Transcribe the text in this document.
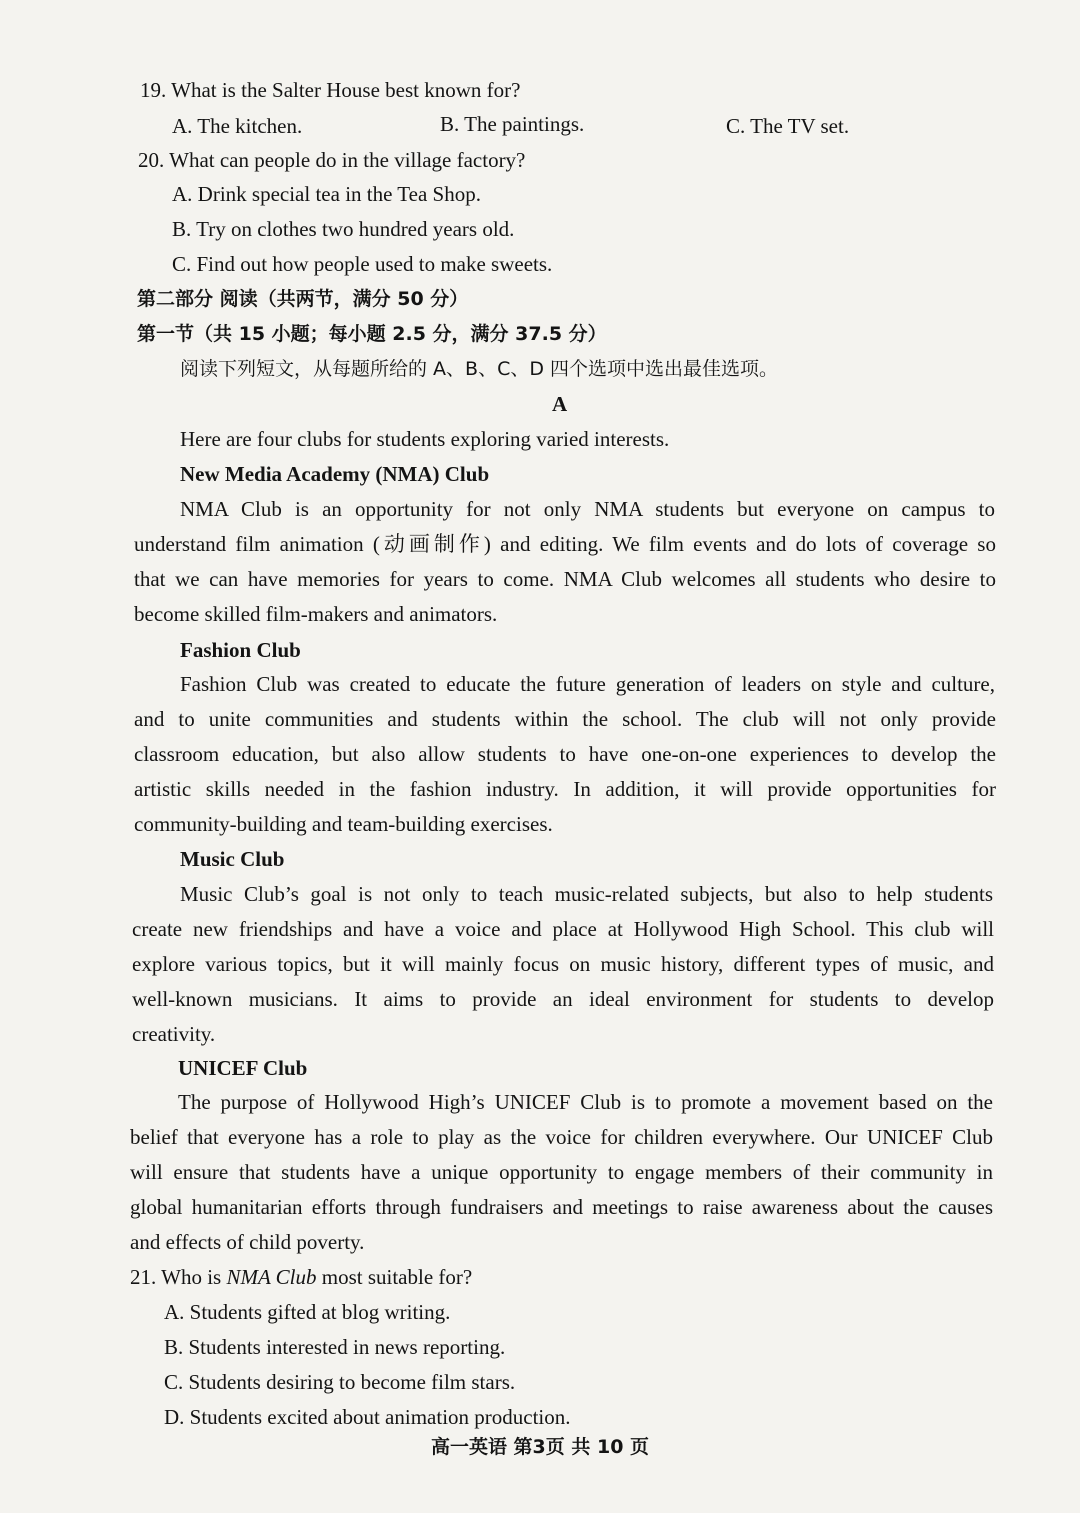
19. What is the Salter House best known for?
A. The kitchen.	B. The paintings.	C. The TV set.
20. What can people do in the village factory?
A. Drink special tea in the Tea Shop.
B. Try on clothes two hundred years old.
C. Find out how people used to make sweets.
第二部分 阅读（共两节，满分 50 分）
第一节（共 15 小题；每小题 2.5 分，满分 37.5 分）
阅读下列短文，从每题所给的 A、B、C、D 四个选项中选出最佳选项。
A
Here are four clubs for students exploring varied interests.
New Media Academy (NMA) Club
NMA Club is an opportunity for not only NMA students but everyone on campus to
understand film animation (动画制作) and editing. We film events and do lots of coverage so
that we can have memories for years to come. NMA Club welcomes all students who desire to
become skilled film-makers and animators.
Fashion Club
Fashion Club was created to educate the future generation of leaders on style and culture,
and to unite communities and students within the school. The club will not only provide
classroom education, but also allow students to have one-on-one experiences to develop the
artistic skills needed in the fashion industry. In addition, it will provide opportunities for
community-building and team-building exercises.
Music Club
Music Club’s goal is not only to teach music-related subjects, but also to help students
create new friendships and have a voice and place at Hollywood High School. This club will
explore various topics, but it will mainly focus on music history, different types of music, and
well-known musicians. It aims to provide an ideal environment for students to develop
creativity.
UNICEF Club
The purpose of Hollywood High’s UNICEF Club is to promote a movement based on the
belief that everyone has a role to play as the voice for children everywhere. Our UNICEF Club
will ensure that students have a unique opportunity to engage members of their community in
global humanitarian efforts through fundraisers and meetings to raise awareness about the causes
and effects of child poverty.
21. Who is NMA Club most suitable for?
A. Students gifted at blog writing.
B. Students interested in news reporting.
C. Students desiring to become film stars.
D. Students excited about animation production.
高一英语 第3页 共 10 页
